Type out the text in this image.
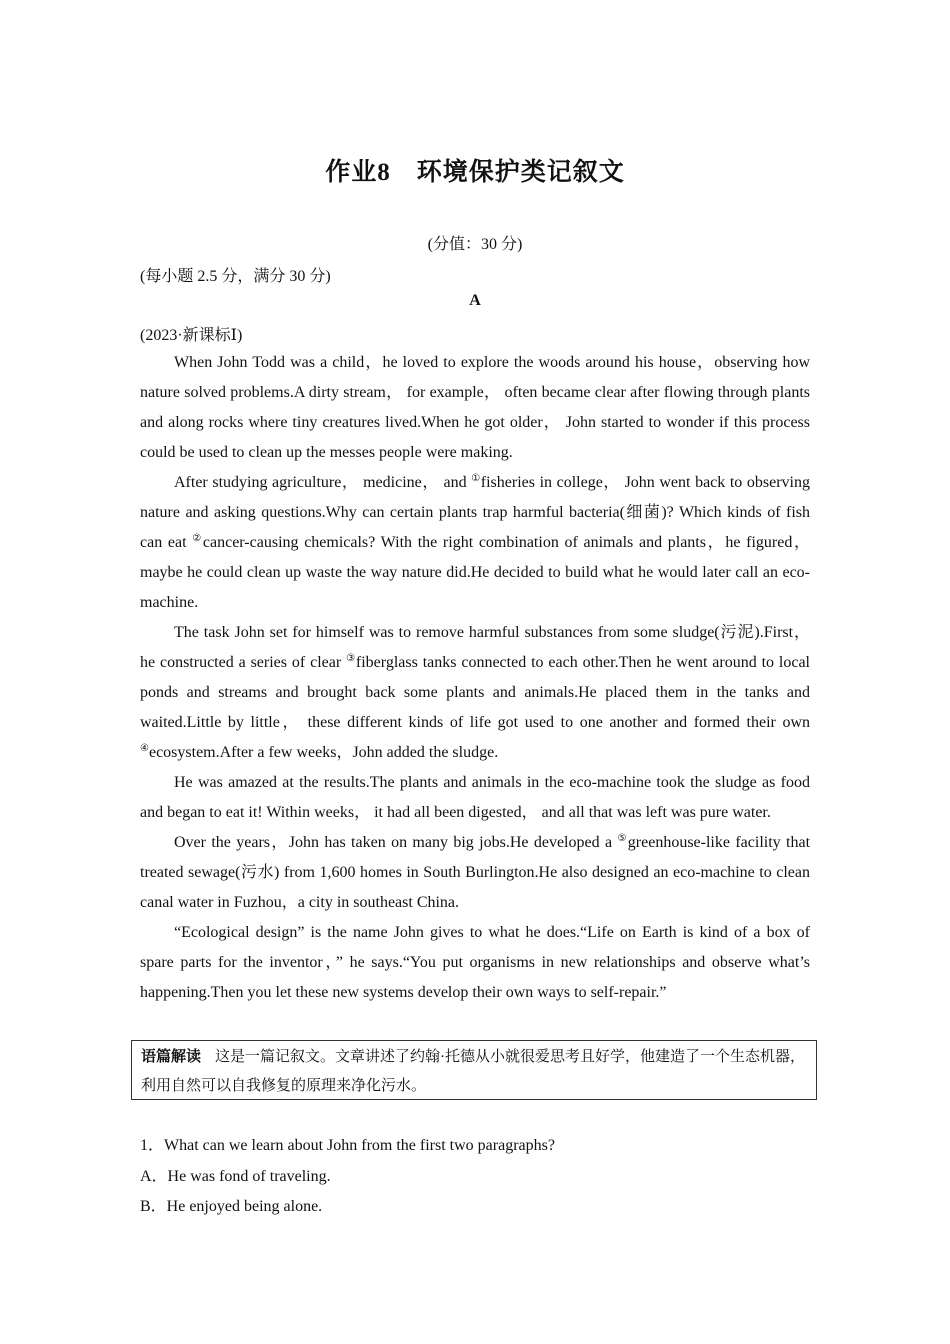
作业8　环境保护类记叙文
(分值：30 分)
(每小题 2.5 分，满分 30 分)
A
(2023·新课标Ⅰ)

When John Todd was a child，he loved to explore the woods around his house，observing how nature solved problems.A dirty stream， for example， often became clear after flowing through plants and along rocks where tiny creatures lived.When he got older， John started to wonder if this process could be used to clean up the messes people were making.

After studying agriculture， medicine， and ①fisheries in college， John went back to observing nature and asking questions.Why can certain plants trap harmful bacteria(细菌)? Which kinds of fish can eat ②cancer-causing chemicals? With the right combination of animals and plants，he figured，maybe he could clean up waste the way nature did.He decided to build what he would later call an eco-machine.

The task John set for himself was to remove harmful substances from some sludge(污泥).First， he constructed a series of clear ③fiberglass tanks connected to each other.Then he went around to local ponds and streams and brought back some plants and animals.He placed them in the tanks and waited.Little by little， these different kinds of life got used to one another and formed their own ④ecosystem.After a few weeks，John added the sludge.

He was amazed at the results.The plants and animals in the eco-machine took the sludge as food and began to eat it! Within weeks， it had all been digested， and all that was left was pure water.

Over the years，John has taken on many big jobs.He developed a ⑤greenhouse-like facility that treated sewage(污水) from 1,600 homes in South Burlington.He also designed an eco-machine to clean canal water in Fuzhou，a city in southeast China.

“Ecological design” is the name John gives to what he does.“Life on Earth is kind of a box of spare parts for the inventor，” he says.“You put organisms in new relationships and observe what’s happening.Then you let these new systems develop their own ways to self-repair.”

语篇解读 这是一篇记叙文。文章讲述了约翰·托德从小就很爱思考且好学，他建造了一个生态机器，利用自然可以自我修复的原理来净化污水。
1．What can we learn about John from the first two paragraphs?
A．He was fond of traveling.
B．He enjoyed being alone.
